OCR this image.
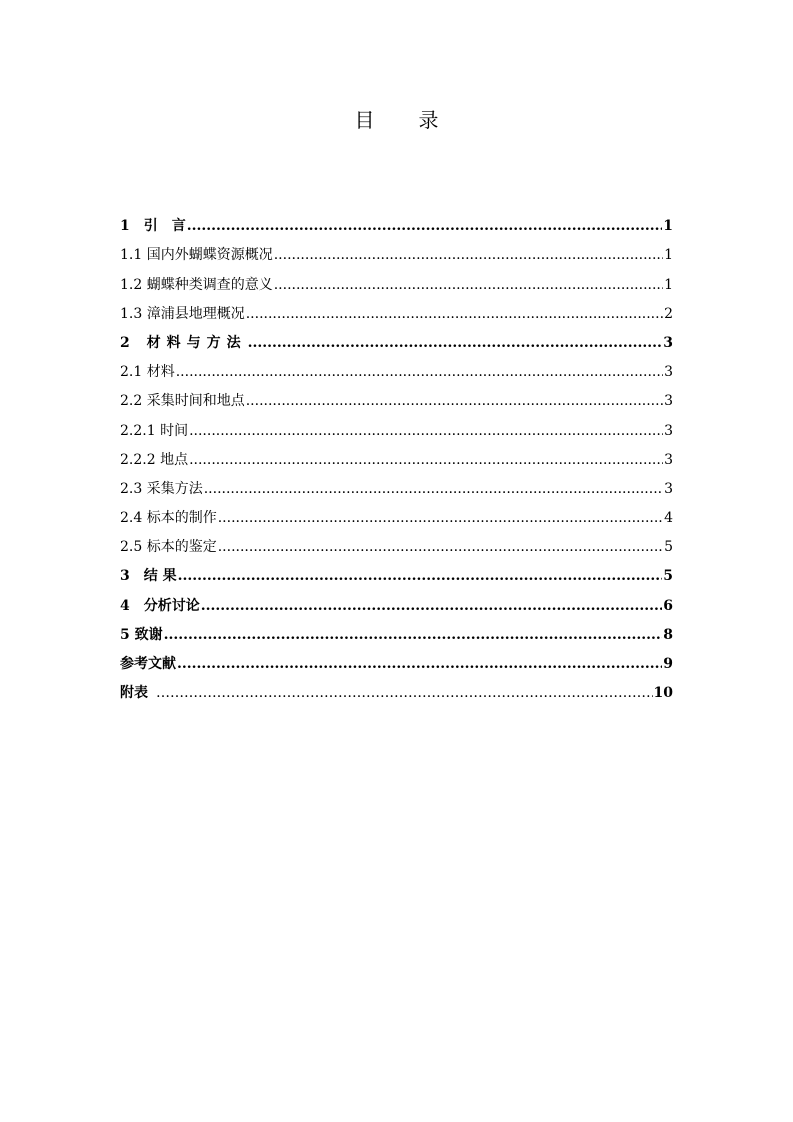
目 录
1　引　言 .....	1
1.1 国内外蝴蝶资源概况 .....	1
1.2 蝴蝶种类调查的意义 .....	1
1.3 漳浦县地理概况 .....	2
2 材料与方法 .....	3
2.1 材料 .....	3
2.2 采集时间和地点 .....	3
2.2.1 时间 .....	3
2.2.2 地点 .....	3
2.3 采集方法 .....	3
2.4 标本的制作 .....	4
2.5 标本的鉴定 .....	5
3　结 果 .....	5
4　分析讨论 .....	6
5 致谢 .....	8
参考文献 .....	9
附表 …………………………………………………………………………………………………………………………………………………………………	10
